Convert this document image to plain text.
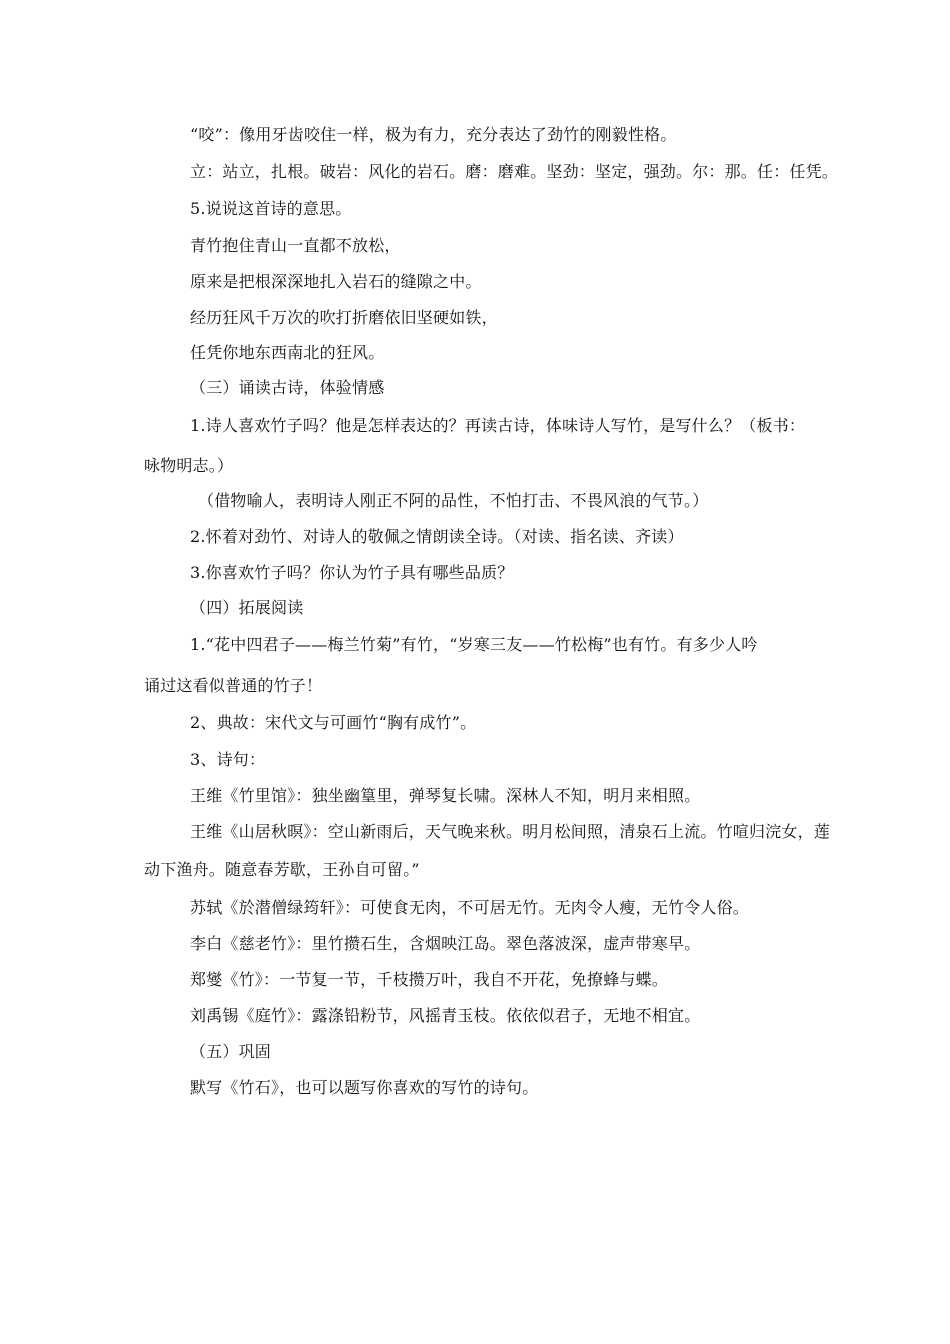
“咬”：像用牙齿咬住一样，极为有力，充分表达了劲竹的刚毅性格。
立：站立，扎根。破岩：风化的岩石。磨：磨难。坚劲：坚定，强劲。尔：那。任：任凭。
5.说说这首诗的意思。
青竹抱住青山一直都不放松，
原来是把根深深地扎入岩石的缝隙之中。
经历狂风千万次的吹打折磨依旧坚硬如铁，
任凭你地东西南北的狂风。
（三）诵读古诗，体验情感
1.诗人喜欢竹子吗？他是怎样表达的？再读古诗，体味诗人写竹，是写什么？（板书：
咏物明志。）
（借物喻人，表明诗人刚正不阿的品性，不怕打击、不畏风浪的气节。）
2.怀着对劲竹、对诗人的敬佩之情朗读全诗。（对读、指名读、齐读）
3.你喜欢竹子吗？你认为竹子具有哪些品质？
（四）拓展阅读
1.“花中四君子——梅兰竹菊”有竹，“岁寒三友——竹松梅”也有竹。有多少人吟
诵过这看似普通的竹子！
2、典故：宋代文与可画竹“胸有成竹”。
3、诗句：
王维《竹里馆》：独坐幽篁里，弹琴复长啸。深林人不知，明月来相照。
王维《山居秋暝》：空山新雨后，天气晚来秋。明月松间照，清泉石上流。竹喧归浣女，莲
动下渔舟。随意春芳歇，王孙自可留。”
苏轼《於潜僧绿筠轩》：可使食无肉，不可居无竹。无肉令人瘦，无竹令人俗。
李白《慈老竹》：里竹攒石生，含烟映江岛。翠色落波深，虚声带寒早。
郑燮《竹》：一节复一节，千枝攒万叶，我自不开花，免撩蜂与蝶。
刘禹锡《庭竹》：露涤铅粉节，风摇青玉枝。依依似君子，无地不相宜。
（五）巩固
默写《竹石》，也可以题写你喜欢的写竹的诗句。
